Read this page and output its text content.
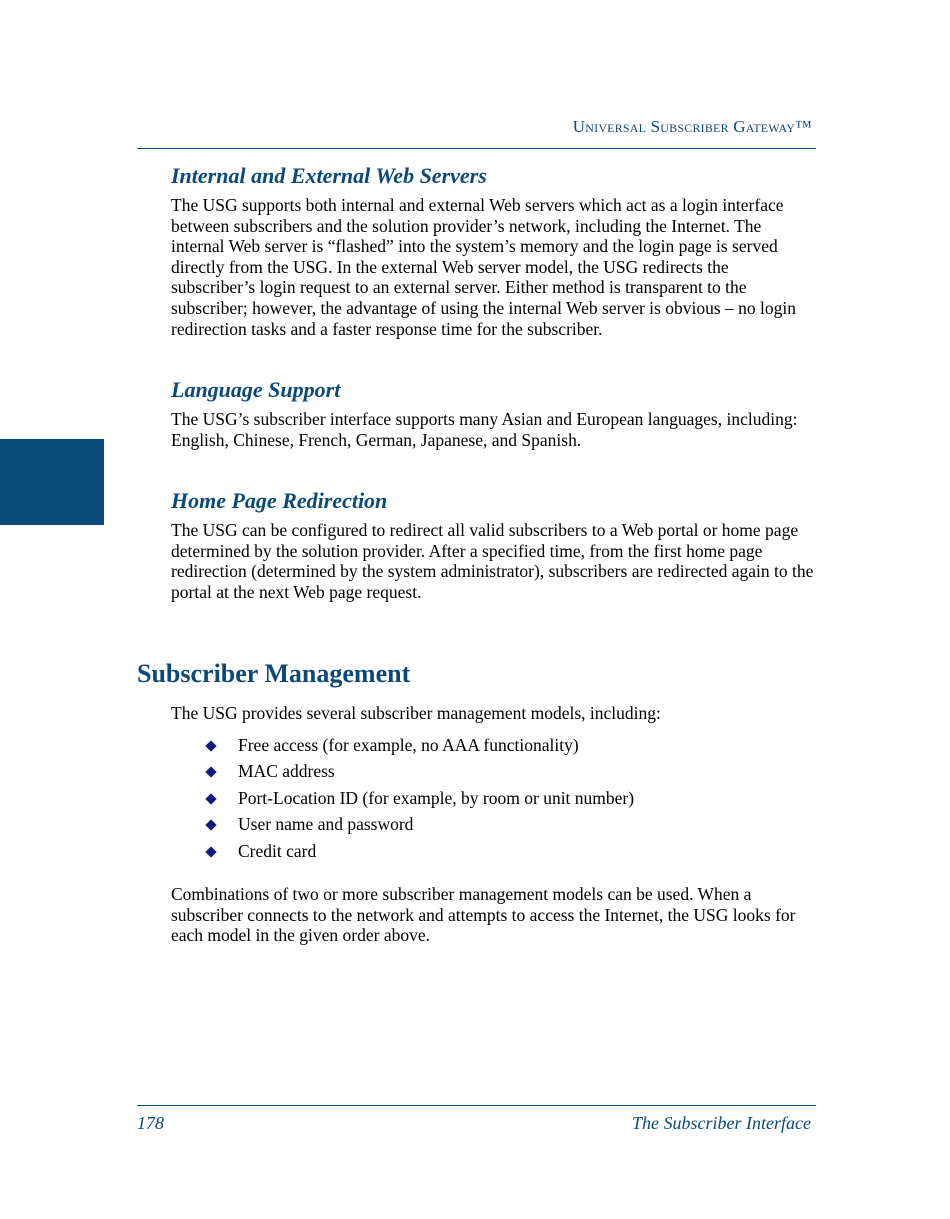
Universal Subscriber Gateway™
Internal and External Web Servers

The USG supports both internal and external Web servers which act as a login interface between subscribers and the solution provider’s network, including the Internet. The internal Web server is “flashed” into the system’s memory and the login page is served directly from the USG. In the external Web server model, the USG redirects the subscriber’s login request to an external server. Either method is transparent to the subscriber; however, the advantage of using the internal Web server is obvious – no login redirection tasks and a faster response time for the subscriber.

Language Support

The USG’s subscriber interface supports many Asian and European languages, including: English, Chinese, French, German, Japanese, and Spanish.

Home Page Redirection

The USG can be configured to redirect all valid subscribers to a Web portal or home page determined by the solution provider. After a specified time, from the first home page redirection (determined by the system administrator), subscribers are redirected again to the portal at the next Web page request.

Subscriber Management

The USG provides several subscriber management models, including:

Free access (for example, no AAA functionality)
MAC address
Port-Location ID (for example, by room or unit number)
User name and password
Credit card

Combinations of two or more subscriber management models can be used. When a subscriber connects to the network and attempts to access the Internet, the USG looks for each model in the given order above.

178	The Subscriber Interface
